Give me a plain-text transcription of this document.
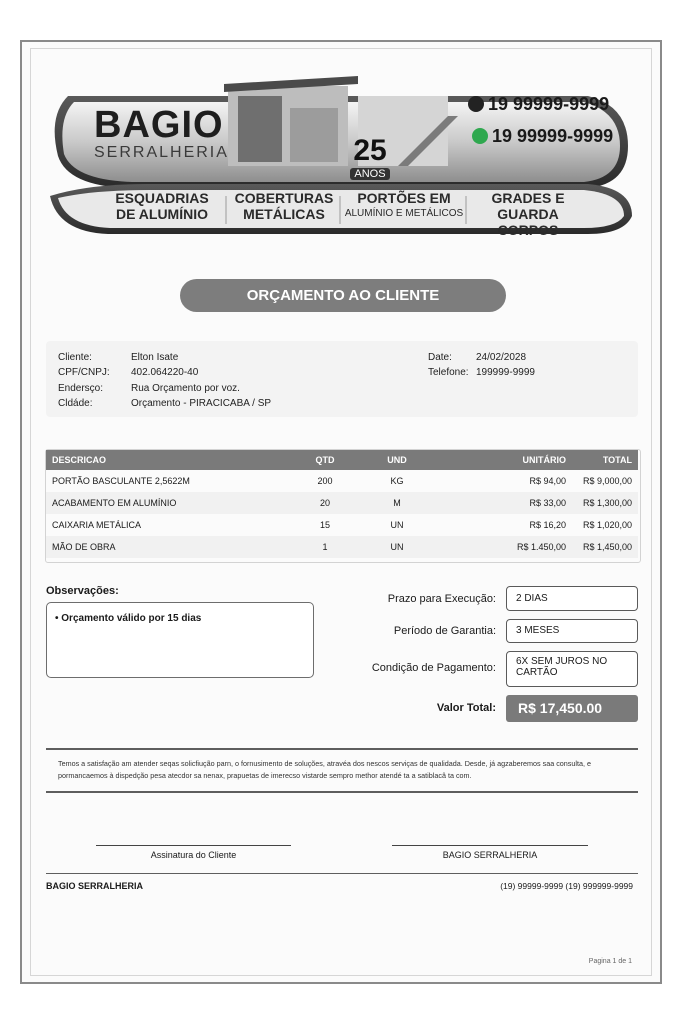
BAGIO
SERRALHERIA	25
ANOS
19 99999-9999
19 99999-9999
ESQUADRIAS
DE ALUMÍNIO
COBERTURAS
METÁLICAS
PORTÕES EM
ALUMÍNIO E METÁLICOS
GRADES E
GUARDA CORPOS
ORÇAMENTO AO CLIENTE
Cliente:	Elton Isate
CPF/CNPJ: 402.064220-40
Endersço:	Rua Orçamento por voz.
Cldáde:	Orçamento - PIRACICABA / SP
Date: 24/02/2028
Telefone: 199999-9999
DESCRICAO	QTD	UND	UNITÁRIO	TOTAL
PORTÃO BASCULANTE 2,5622M	200	KG	R$ 94,00	R$ 9,000,00
ACABAMENTO EM ALUMÍNIO	20	M	R$ 33,00	R$ 1,300,00
CAIXARIA METÁLICA	15	UN	R$ 16,20	R$ 1,020,00
MÃO DE OBRA	1	UN	R$ 1.450,00	R$ 1,450,00
Observações:
• Orçamento válido por 15 dias
Prazo para Execução:	2 DIAS
Período de Garantia:	3 MESES
Condição de Pagamento:
6X SEM JUROS NO CARTÃO
Valor Total:	R$ 17,450.00
Temos a satisfação am atender seqas solicfiução parn, o fornusimento de soluções, atravéa dos nescos serviças de qualidada. Desde, já agzaberemos saa consulta, e pormancaemos à dispedção pesa atecdor sa nenax, prapuetas de imerecso vistarde semprο methor atendé ta a satiblacâ ta com.
Assinatura do Cliente	BAGIO SERRALHERIA
BAGIO SERRALHERIA	(19) 99999-9999 (19) 999999-9999
Pagina 1 de 1
